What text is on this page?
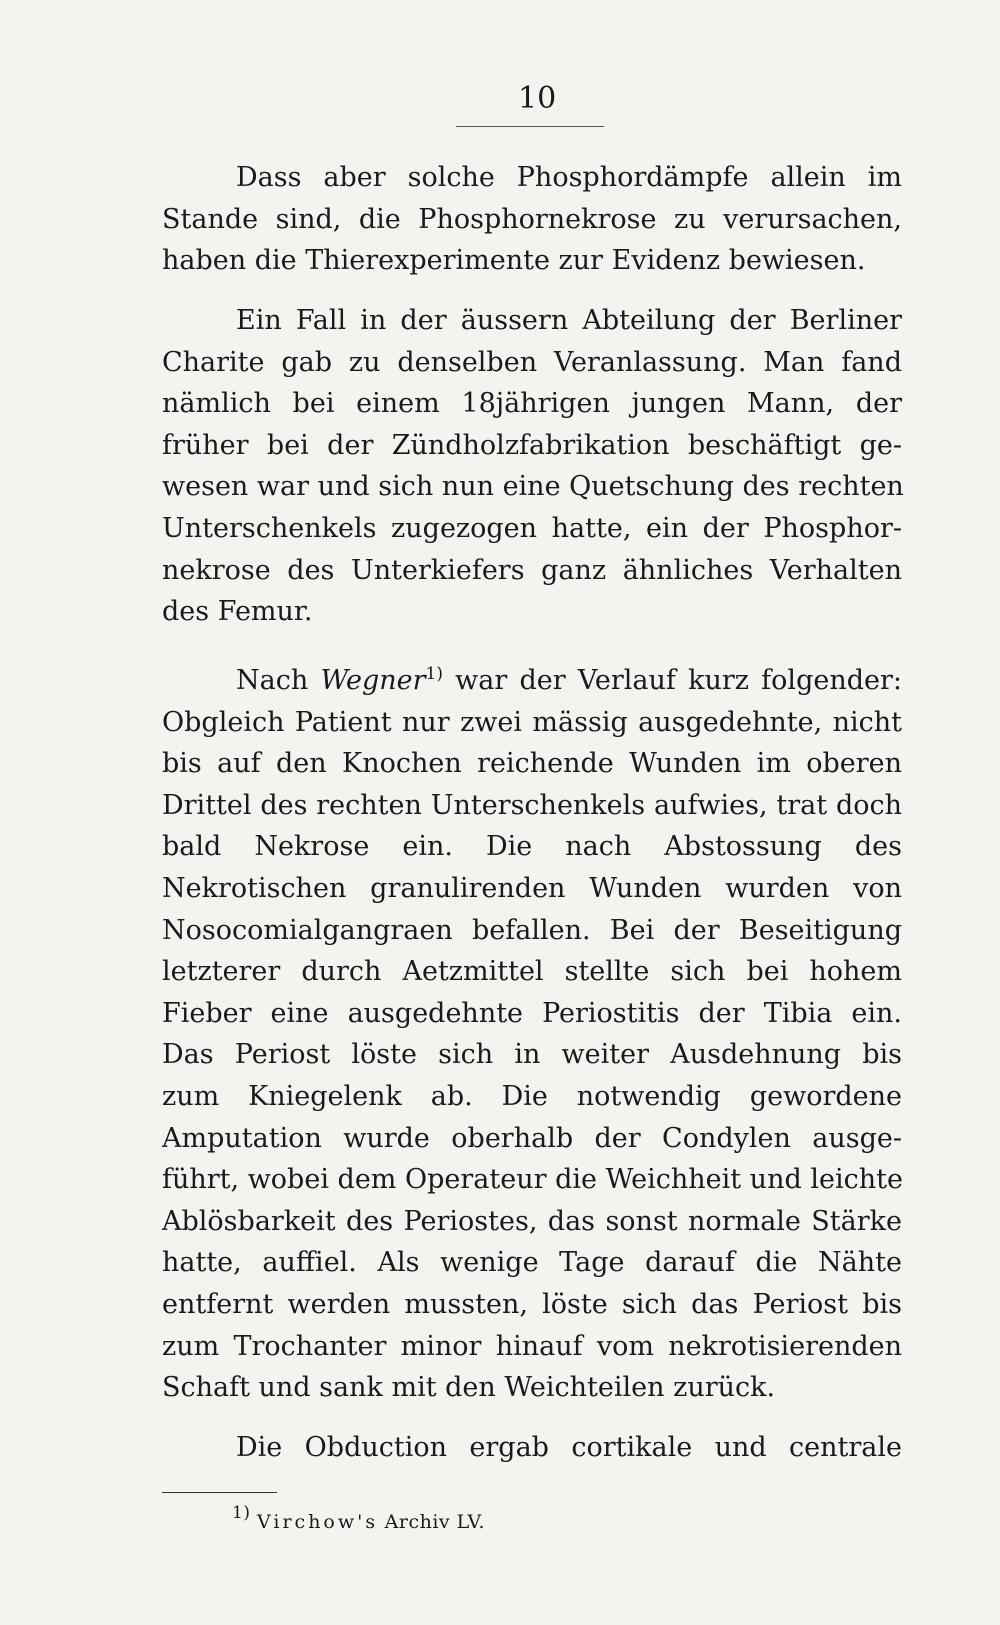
10
Dass aber solche Phosphordämpfe allein im
Stande sind, die Phosphornekrose zu verursachen,
haben die Thierexperimente zur Evidenz bewiesen.
Ein Fall in der äussern Abteilung der Berliner
Charite gab zu denselben Veranlassung. Man fand
nämlich bei einem 18jährigen jungen Mann, der
früher bei der Zündholzfabrikation beschäftigt ge-
wesen war und sich nun eine Quetschung des rechten
Unterschenkels zugezogen hatte, ein der Phosphor-
nekrose des Unterkiefers ganz ähnliches Verhalten
des Femur.
Nach Wegner$^{1)}$ war der Verlauf kurz folgender:
Obgleich Patient nur zwei mässig ausgedehnte, nicht
bis auf den Knochen reichende Wunden im oberen
Drittel des rechten Unterschenkels aufwies, trat doch
bald Nekrose ein. Die nach Abstossung des
Nekrotischen granulirenden Wunden wurden von
Nosocomialgangraen befallen. Bei der Beseitigung
letzterer durch Aetzmittel stellte sich bei hohem
Fieber eine ausgedehnte Periostitis der Tibia ein.
Das Periost löste sich in weiter Ausdehnung bis
zum Kniegelenk ab. Die notwendig gewordene
Amputation wurde oberhalb der Condylen ausge-
führt, wobei dem Operateur die Weichheit und leichte
Ablösbarkeit des Periostes, das sonst normale Stärke
hatte, auffiel. Als wenige Tage darauf die Nähte
entfernt werden mussten, löste sich das Periost bis
zum Trochanter minor hinauf vom nekrotisierenden
Schaft und sank mit den Weichteilen zurück.
Die Obduction ergab cortikale und centrale
$^{1)}$ Virchow's Archiv LV.
